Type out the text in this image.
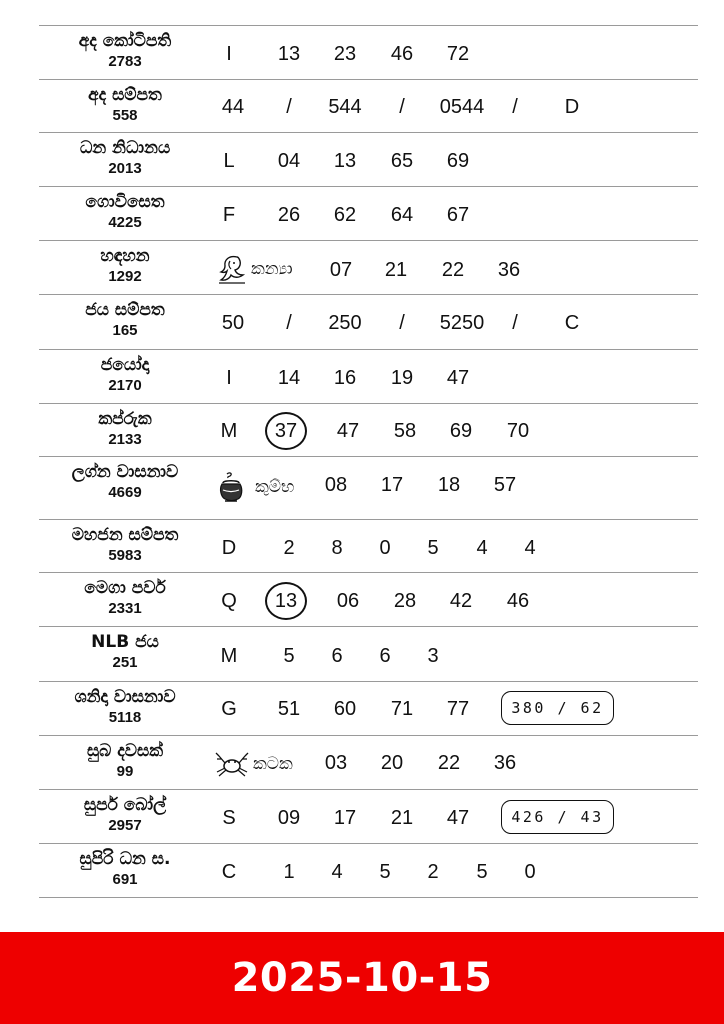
අද කෝටිපති
2783	I 13 23 46 72
අද සම්පත
558	44 / 544 / 0544 / D
ධන නිධානය
2013	L 04 13 65 69
ගොවිසෙත
4225	F 26 62 64 67
හඳහන
1292	කන්‍යා 07 21 22 36
ජය සම්පත
165	50 / 250 / 5250 / C
ජයෝදා
2170	I 14 16 19 47
කප්රුක
2133	M 37 47 58 69 70
ලග්න වාසනාව
4669	කුම්භ 08 17 18 57
මහජන සම්පත
5983	D 2 8 0 5 4 4
මෙගා පවර්
2331	Q 13 06 28 42 46
NLB ජය
251	M 5 6 6 3
ශනිදා වාසනාව
5118	G 51 60 71 77	380 / 62
සුබ දවසක්
99	කටක 03 20 22 36
සුපර් බෝල්
2957	S 09 17 21 47	426 / 43
සුපිරි ධන ස.
691	C 1 4 5 2 5 0
2025-10-15
